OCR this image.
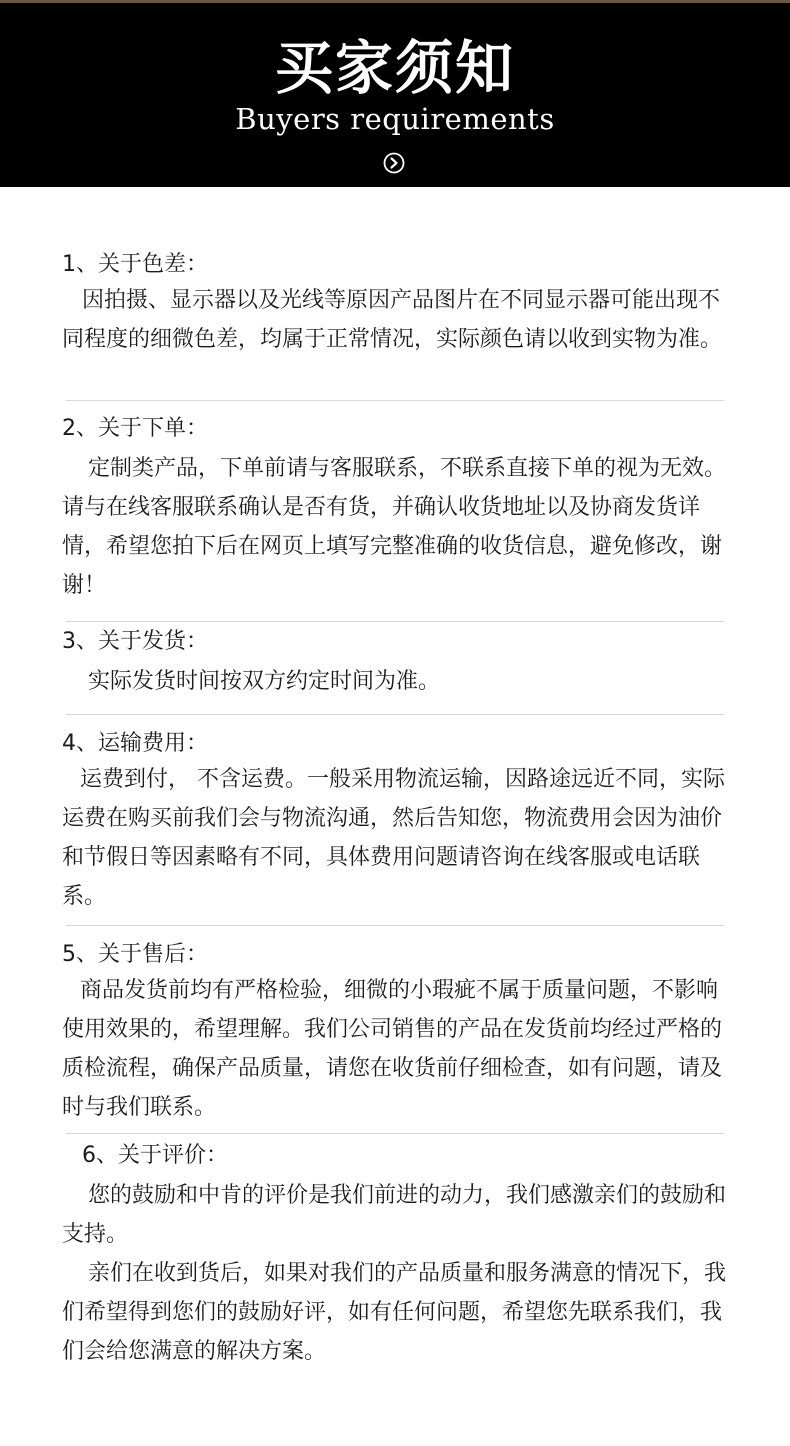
买家须知
Buyers requirements

1、关于色差：

因拍摄、显示器以及光线等原因产品图片在不同显示器可能出现不同程度的细微色差，均属于正常情况，实际颜色请以收到实物为准。

2、关于下单：

定制类产品，下单前请与客服联系，不联系直接下单的视为无效。请与在线客服联系确认是否有货，并确认收货地址以及协商发货详情，希望您拍下后在网页上填写完整准确的收货信息，避免修改，谢谢！

3、关于发货：

实际发货时间按双方约定时间为准。

4、运输费用：

运费到付， 不含运费。一般采用物流运输，因路途远近不同，实际运费在购买前我们会与物流沟通，然后告知您，物流费用会因为油价和节假日等因素略有不同，具体费用问题请咨询在线客服或电话联系。

5、关于售后：

商品发货前均有严格检验，细微的小瑕疵不属于质量问题，不影响使用效果的，希望理解。我们公司销售的产品在发货前均经过严格的质检流程，确保产品质量，请您在收货前仔细检查，如有问题，请及时与我们联系。

6、关于评价：

您的鼓励和中肯的评价是我们前进的动力，我们感激亲们的鼓励和支持。

亲们在收到货后，如果对我们的产品质量和服务满意的情况下，我们希望得到您们的鼓励好评，如有任何问题，希望您先联系我们，我们会给您满意的解决方案。
